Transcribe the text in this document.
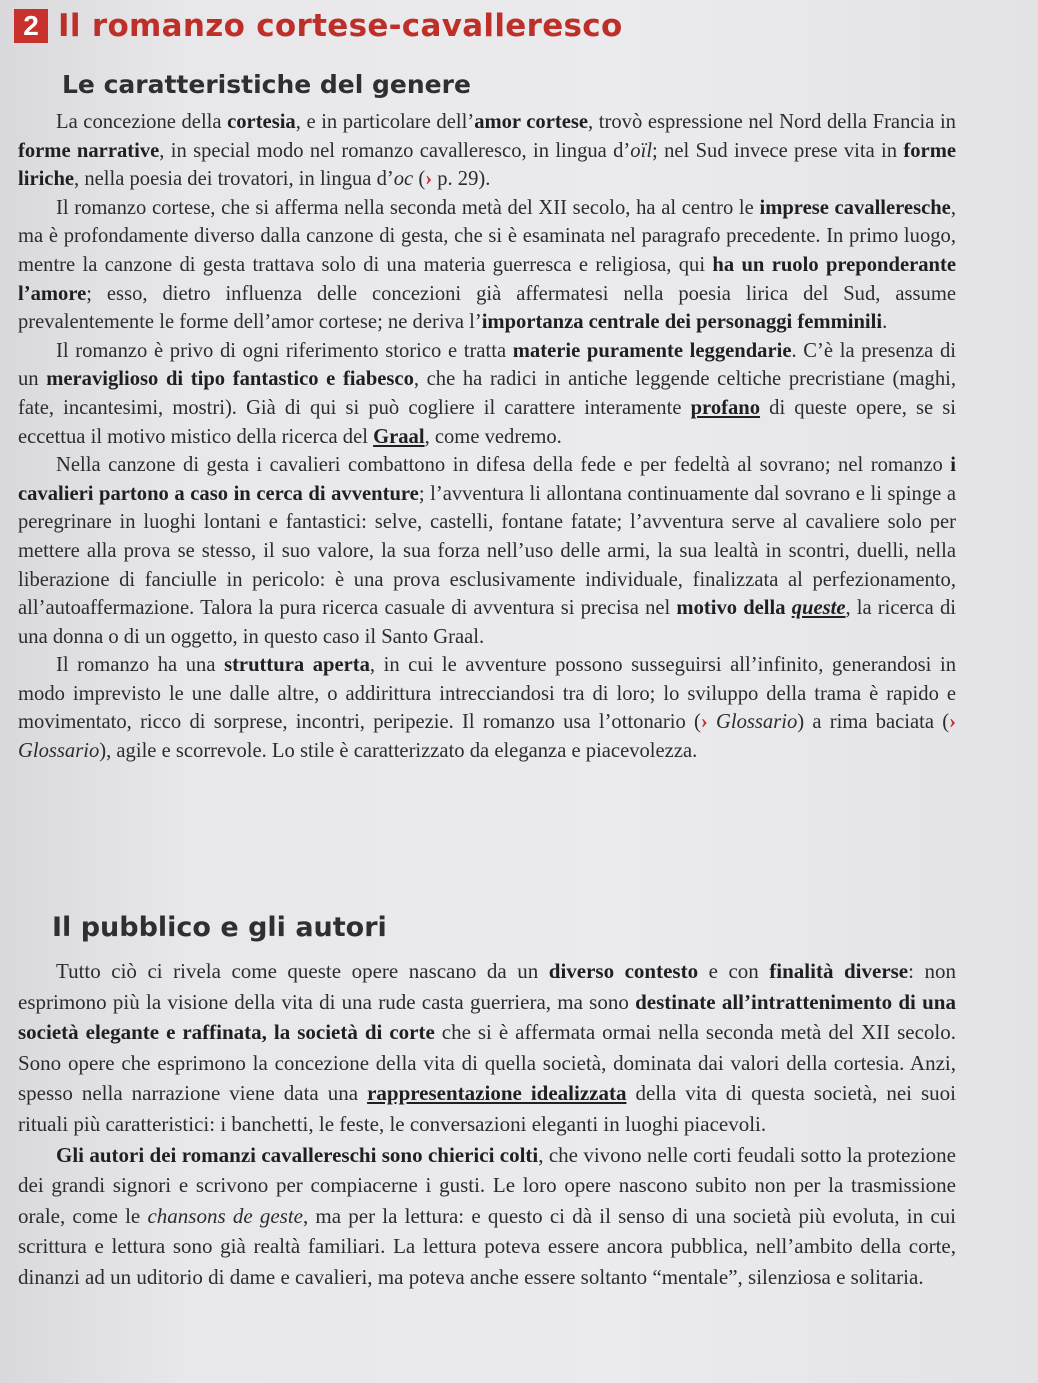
2 Il romanzo cortese-cavalleresco
Le caratteristiche del genere

La concezione della cortesia, e in particolare dell’amor cortese, trovò espressione nel Nord della Francia in forme narrative, in special modo nel romanzo cavalleresco, in lingua d’oïl; nel Sud invece prese vita in forme liriche, nella poesia dei trovatori, in lingua d’oc (› p. 29).

Il romanzo cortese, che si afferma nella seconda metà del XII secolo, ha al centro le imprese cavalleresche, ma è profondamente diverso dalla canzone di gesta, che si è esaminata nel paragrafo precedente. In primo luogo, mentre la canzone di gesta trattava solo di una materia guerresca e religiosa, qui ha un ruolo preponderante l’amore; esso, dietro influenza delle concezioni già affermatesi nella poesia lirica del Sud, assume prevalentemente le forme dell’amor cortese; ne deriva l’importanza centrale dei personaggi femminili.

Il romanzo è privo di ogni riferimento storico e tratta materie puramente leggendarie. C’è la presenza di un meraviglioso di tipo fantastico e fiabesco, che ha radici in antiche leggende celtiche precristiane (maghi, fate, incantesimi, mostri). Già di qui si può cogliere il carattere interamente profano di queste opere, se si eccettua il motivo mistico della ricerca del Graal, come vedremo.

Nella canzone di gesta i cavalieri combattono in difesa della fede e per fedeltà al sovrano; nel romanzo i cavalieri partono a caso in cerca di avventure; l’avventura li allontana continuamente dal sovrano e li spinge a peregrinare in luoghi lontani e fantastici: selve, castelli, fontane fatate; l’avventura serve al cavaliere solo per mettere alla prova se stesso, il suo valore, la sua forza nell’uso delle armi, la sua lealtà in scontri, duelli, nella liberazione di fanciulle in pericolo: è una prova esclusivamente individuale, finalizzata al perfezionamento, all’autoaffermazione. Talora la pura ricerca casuale di avventura si precisa nel motivo della queste, la ricerca di una donna o di un oggetto, in questo caso il Santo Graal.

Il romanzo ha una struttura aperta, in cui le avventure possono susseguirsi all’infinito, generandosi in modo imprevisto le une dalle altre, o addirittura intrecciandosi tra di loro; lo sviluppo della trama è rapido e movimentato, ricco di sorprese, incontri, peripezie. Il romanzo usa l’ottonario (› Glossario) a rima baciata (› Glossario), agile e scorrevole. Lo stile è caratterizzato da eleganza e piacevolezza.

Il pubblico e gli autori

Tutto ciò ci rivela come queste opere nascano da un diverso contesto e con finalità diverse: non esprimono più la visione della vita di una rude casta guerriera, ma sono destinate all’intrattenimento di una società elegante e raffinata, la società di corte che si è affermata ormai nella seconda metà del XII secolo. Sono opere che esprimono la concezione della vita di quella società, dominata dai valori della cortesia. Anzi, spesso nella narrazione viene data una rappresentazione idealizzata della vita di questa società, nei suoi rituali più caratteristici: i banchetti, le feste, le conversazioni eleganti in luoghi piacevoli.

Gli autori dei romanzi cavallereschi sono chierici colti, che vivono nelle corti feudali sotto la protezione dei grandi signori e scrivono per compiacerne i gusti. Le loro opere nascono subito non per la trasmissione orale, come le chansons de geste, ma per la lettura: e questo ci dà il senso di una società più evoluta, in cui scrittura e lettura sono già realtà familiari. La lettura poteva essere ancora pubblica, nell’ambito della corte, dinanzi ad un uditorio di dame e cavalieri, ma poteva anche essere soltanto “mentale”, silenziosa e solitaria.
